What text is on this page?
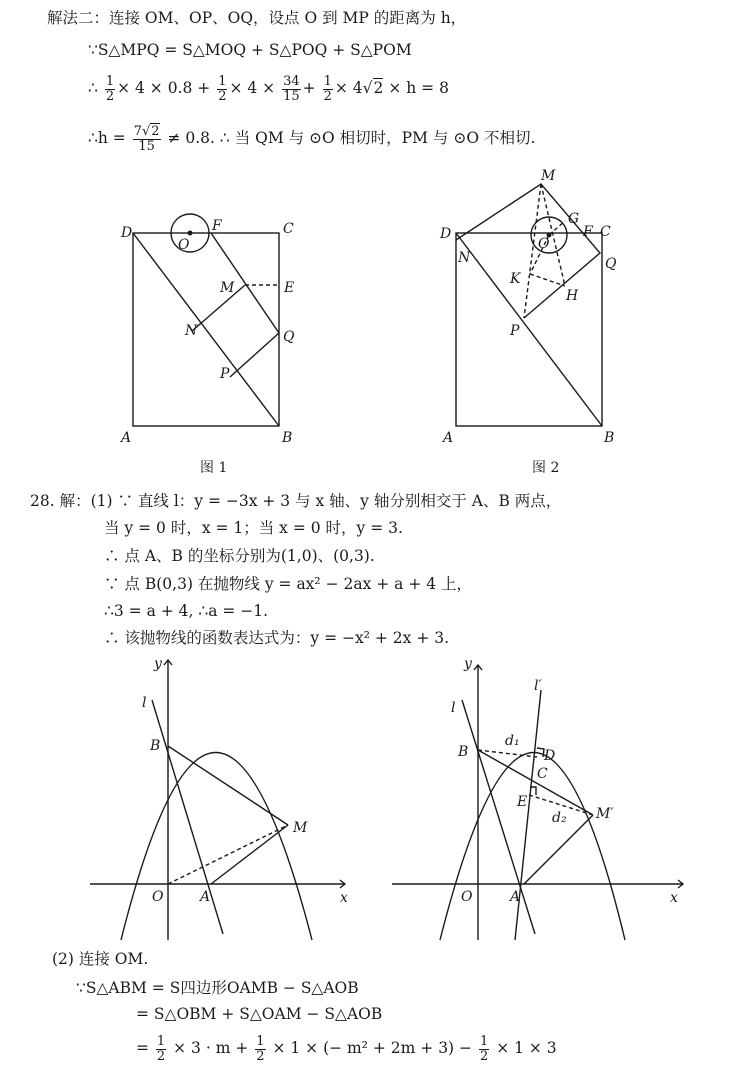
解法二：连接 OM、OP、OQ，设点 O 到 MP 的距离为 h，
∵S△MPQ = S△MOQ + S△POQ + S△POM
∴ $\frac{1}{2} \times 4 \times 0.8 + \frac{1}{2} \times 4 \times \frac{34}{15} + \frac{1}{2} \times 4√2 \times h = 8$
∴h = $\frac{7√2}{15} \ne 0.8$. ∴ 当 QM 与 ⊙O 相切时，PM 与 ⊙O 不相切.
D
O
F	C
M	E
N	Q
P
A	B
图 1
M
G
D
O
F C
N	Q
K
H
P
A	B
图 2
28. 解：(1) ∵ 直线 l：y = −3x + 3 与 x 轴、y 轴分别相交于 A、B 两点，
当 y = 0 时，x = 1；当 x = 0 时，y = 3.
∴ 点 A、B 的坐标分别为(1,0)、(0,3).
∵ 点 B(0,3) 在抛物线 y = ax² − 2ax + a + 4 上，
∴3 = a + 4, ∴a = −1.
∴ 该抛物线的函数表达式为：y = −x² + 2x + 3.
y
l
B
M
O	A	x
y
l′
l
d₁
B	D
C
E
d₂ M′
O	A	x
(2) 连接 OM.
∵S△ABM = S四边形OAMB − S△AOB
= S△OBM + S△OAM − S△AOB
= $\frac{1}{2} \times 3 \cdot m + \frac{1}{2} \times 1$ × (− $m^2 + 2m + 3) - \frac{1}{2} \times 1 \times 3$
